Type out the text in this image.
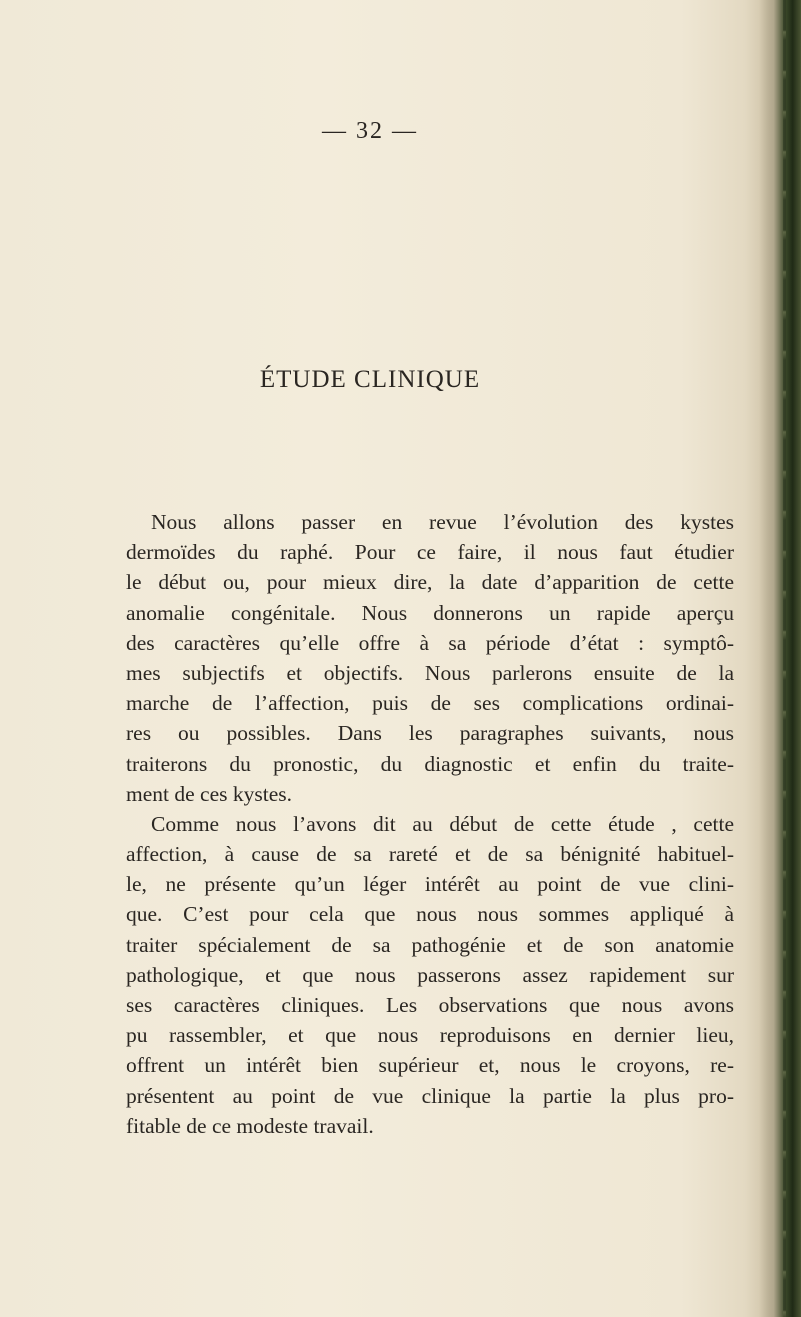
— 32 —
ÉTUDE CLINIQUE
Nous allons passer en revue l’évolution des kystes
dermoïdes du raphé. Pour ce faire, il nous faut étudier
le début ou, pour mieux dire, la date d’apparition de cette
anomalie congénitale. Nous donnerons un rapide aperçu
des caractères qu’elle offre à sa période d’état : symptô-
mes subjectifs et objectifs. Nous parlerons ensuite de la
marche de l’affection, puis de ses complications ordinai-
res ou possibles. Dans les paragraphes suivants, nous
traiterons du pronostic, du diagnostic et enfin du traite-
ment de ces kystes.
Comme nous l’avons dit au début de cette étude , cette
affection, à cause de sa rareté et de sa bénignité habituel-
le, ne présente qu’un léger intérêt au point de vue clini-
que. C’est pour cela que nous nous sommes appliqué à
traiter spécialement de sa pathogénie et de son anatomie
pathologique, et que nous passerons assez rapidement sur
ses caractères cliniques. Les observations que nous avons
pu rassembler, et que nous reproduisons en dernier lieu,
offrent un intérêt bien supérieur et, nous le croyons, re-
présentent au point de vue clinique la partie la plus pro-
fitable de ce modeste travail.
